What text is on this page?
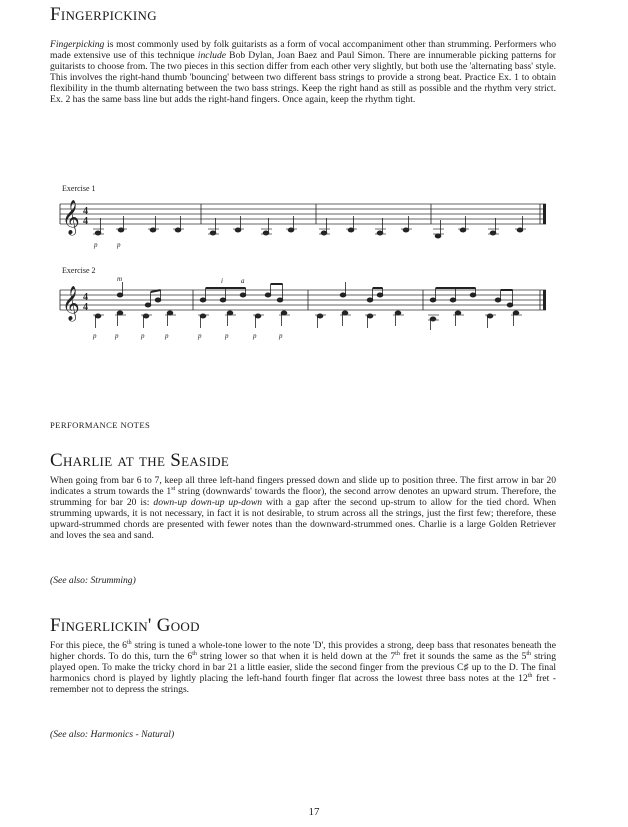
Fingerpicking

Fingerpicking is most commonly used by folk guitarists as a form of vocal accompaniment other than strumming. Performers who made extensive use of this technique include Bob Dylan, Joan Baez and Paul Simon. There are innumerable picking patterns for guitarists to choose from. The two pieces in this section differ from each other very slightly, but both use the 'alternating bass' style. This involves the right-hand thumb 'bouncing' between two different bass strings to provide a strong beat. Practice Ex. 1 to obtain flexibility in the thumb alternating between the two bass strings. Keep the right hand as still as possible and the rhythm very strict. Ex. 2 has the same bass line but adds the right-hand fingers. Once again, keep the rhythm tight.

Exercise 1

𝄞 4
4
p	p

Exercise 2

𝄞 4
4
m	i	a
p	p	p	p	p	p	p	p

PERFORMANCE NOTES

Charlie at the Seaside

When going from bar 6 to 7, keep all three left-hand fingers pressed down and slide up to position three. The first arrow in bar 20 indicates a strum towards the 1st string (downwards' towards the floor), the second arrow denotes an upward strum. Therefore, the strumming for bar 20 is: down-up down-up up-down with a gap after the second up-strum to allow for the tied chord. When strumming upwards, it is not necessary, in fact it is not desirable, to strum across all the strings, just the first few; therefore, these upward-strummed chords are presented with fewer notes than the downward-strummed ones. Charlie is a large Golden Retriever and loves the sea and sand.

(See also: Strumming)

Fingerlickin' Good

For this piece, the 6th string is tuned a whole-tone lower to the note 'D', this provides a strong, deep bass that resonates beneath the higher chords. To do this, turn the 6th string lower so that when it is held down at the 7th fret it sounds the same as the 5th string played open. To make the tricky chord in bar 21 a little easier, slide the second finger from the previous C♯ up to the D. The final harmonics chord is played by lightly placing the left-hand fourth finger flat across the lowest three bass notes at the 12th fret - remember not to depress the strings.

(See also: Harmonics - Natural)

17
